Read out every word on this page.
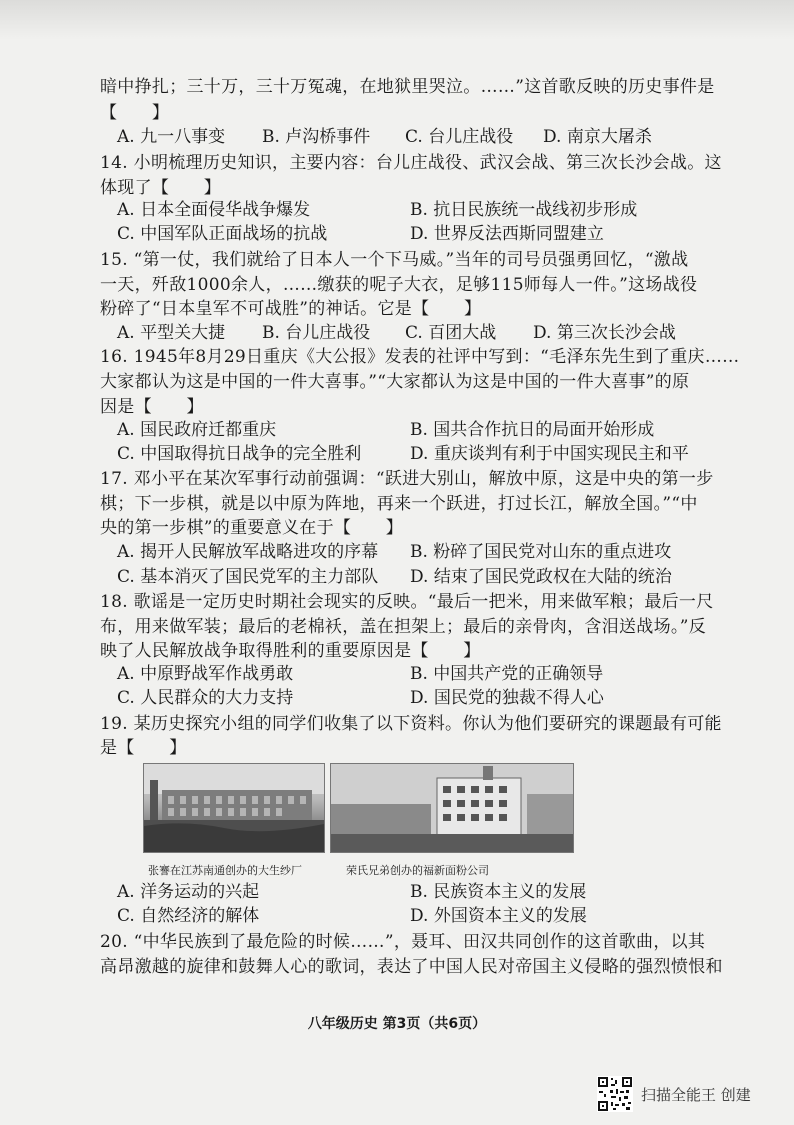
暗中挣扎；三十万，三十万冤魂，在地狱里哭泣。……”这首歌反映的历史事件是
【　　】
A. 九一八事变 B. 卢沟桥事件 C. 台儿庄战役 D. 南京大屠杀
14. 小明梳理历史知识，主要内容：台儿庄战役、武汉会战、第三次长沙会战。这
体现了【　　】
A. 日本全面侵华战争爆发	B. 抗日民族统一战线初步形成
C. 中国军队正面战场的抗战	D. 世界反法西斯同盟建立
15. “第一仗，我们就给了日本人一个下马威。”当年的司号员强勇回忆，“激战
一天，歼敌1000余人，……缴获的呢子大衣，足够115师每人一件。”这场战役
粉碎了“日本皇军不可战胜”的神话。它是【　　】
A. 平型关大捷 B. 台儿庄战役 C. 百团大战 D. 第三次长沙会战
16. 1945年8月29日重庆《大公报》发表的社评中写到：“毛泽东先生到了重庆……
大家都认为这是中国的一件大喜事。”“大家都认为这是中国的一件大喜事”的原
因是【　　】
A. 国民政府迁都重庆	B. 国共合作抗日的局面开始形成
C. 中国取得抗日战争的完全胜利	D. 重庆谈判有利于中国实现民主和平
17. 邓小平在某次军事行动前强调：“跃进大别山，解放中原，这是中央的第一步
棋；下一步棋，就是以中原为阵地，再来一个跃进，打过长江，解放全国。”“中
央的第一步棋”的重要意义在于【　　】
A. 揭开人民解放军战略进攻的序幕 B. 粉碎了国民党对山东的重点进攻
C. 基本消灭了国民党军的主力部队 D. 结束了国民党政权在大陆的统治
18. 歌谣是一定历史时期社会现实的反映。“最后一把米，用来做军粮；最后一尺
布，用来做军装；最后的老棉袄，盖在担架上；最后的亲骨肉，含泪送战场。”反
映了人民解放战争取得胜利的重要原因是【　　】
A. 中原野战军作战勇敢	B. 中国共产党的正确领导
C. 人民群众的大力支持	D. 国民党的独裁不得人心
19. 某历史探究小组的同学们收集了以下资料。你认为他们要研究的课题最有可能
是【　　】
张謇在江苏南通创办的大生纱厂	荣氏兄弟创办的福新面粉公司
A. 洋务运动的兴起	B. 民族资本主义的发展
C. 自然经济的解体	D. 外国资本主义的发展
20. “中华民族到了最危险的时候……”，聂耳、田汉共同创作的这首歌曲，以其
高昂激越的旋律和鼓舞人心的歌词，表达了中国人民对帝国主义侵略的强烈愤恨和
八年级历史 第3页（共6页）
扫描全能王 创建
